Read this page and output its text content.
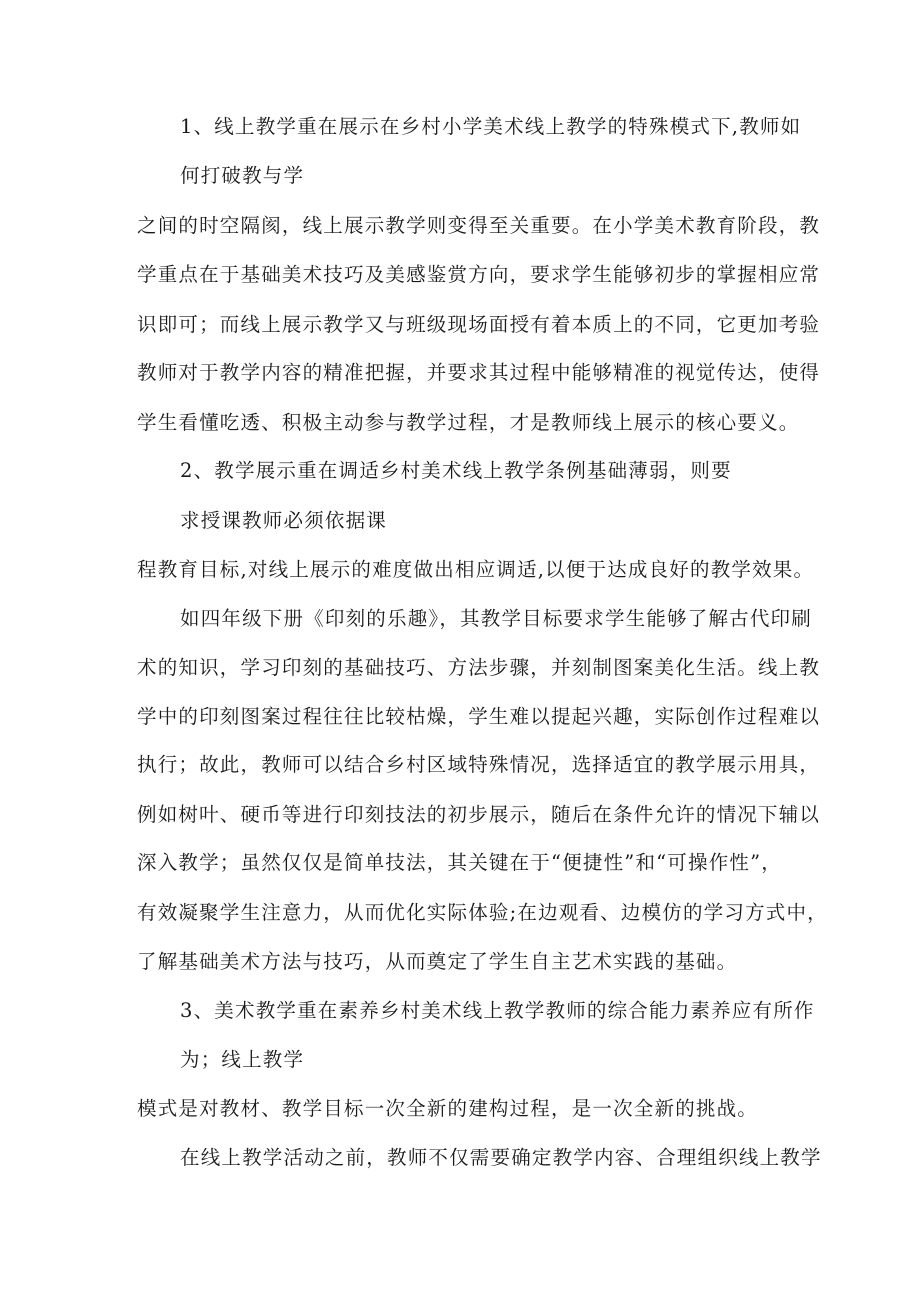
1、线上教学重在展示在乡村小学美术线上教学的特殊模式下,教师如
何打破教与学
之间的时空隔阂，线上展示教学则变得至关重要。在小学美术教育阶段，教
学重点在于基础美术技巧及美感鉴赏方向，要求学生能够初步的掌握相应常
识即可；而线上展示教学又与班级现场面授有着本质上的不同，它更加考验
教师对于教学内容的精准把握，并要求其过程中能够精准的视觉传达，使得
学生看懂吃透、积极主动参与教学过程，才是教师线上展示的核心要义。
2、教学展示重在调适乡村美术线上教学条例基础薄弱，则要
求授课教师必须依据课
程教育目标,对线上展示的难度做出相应调适,以便于达成良好的教学效果。
如四年级下册《印刻的乐趣》，其教学目标要求学生能够了解古代印刷
术的知识，学习印刻的基础技巧、方法步骤，并刻制图案美化生活。线上教
学中的印刻图案过程往往比较枯燥，学生难以提起兴趣，实际创作过程难以
执行；故此，教师可以结合乡村区域特殊情况，选择适宜的教学展示用具，
例如树叶、硬币等进行印刻技法的初步展示，随后在条件允许的情况下辅以
深入教学；虽然仅仅是简单技法，其关键在于“便捷性”和“可操作性”，
有效凝聚学生注意力，从而优化实际体验;在边观看、边模仿的学习方式中，
了解基础美术方法与技巧，从而奠定了学生自主艺术实践的基础。
3、美术教学重在素养乡村美术线上教学教师的综合能力素养应有所作
为；线上教学
模式是对教材、教学目标一次全新的建构过程，是一次全新的挑战。
在线上教学活动之前，教师不仅需要确定教学内容、合理组织线上教学
